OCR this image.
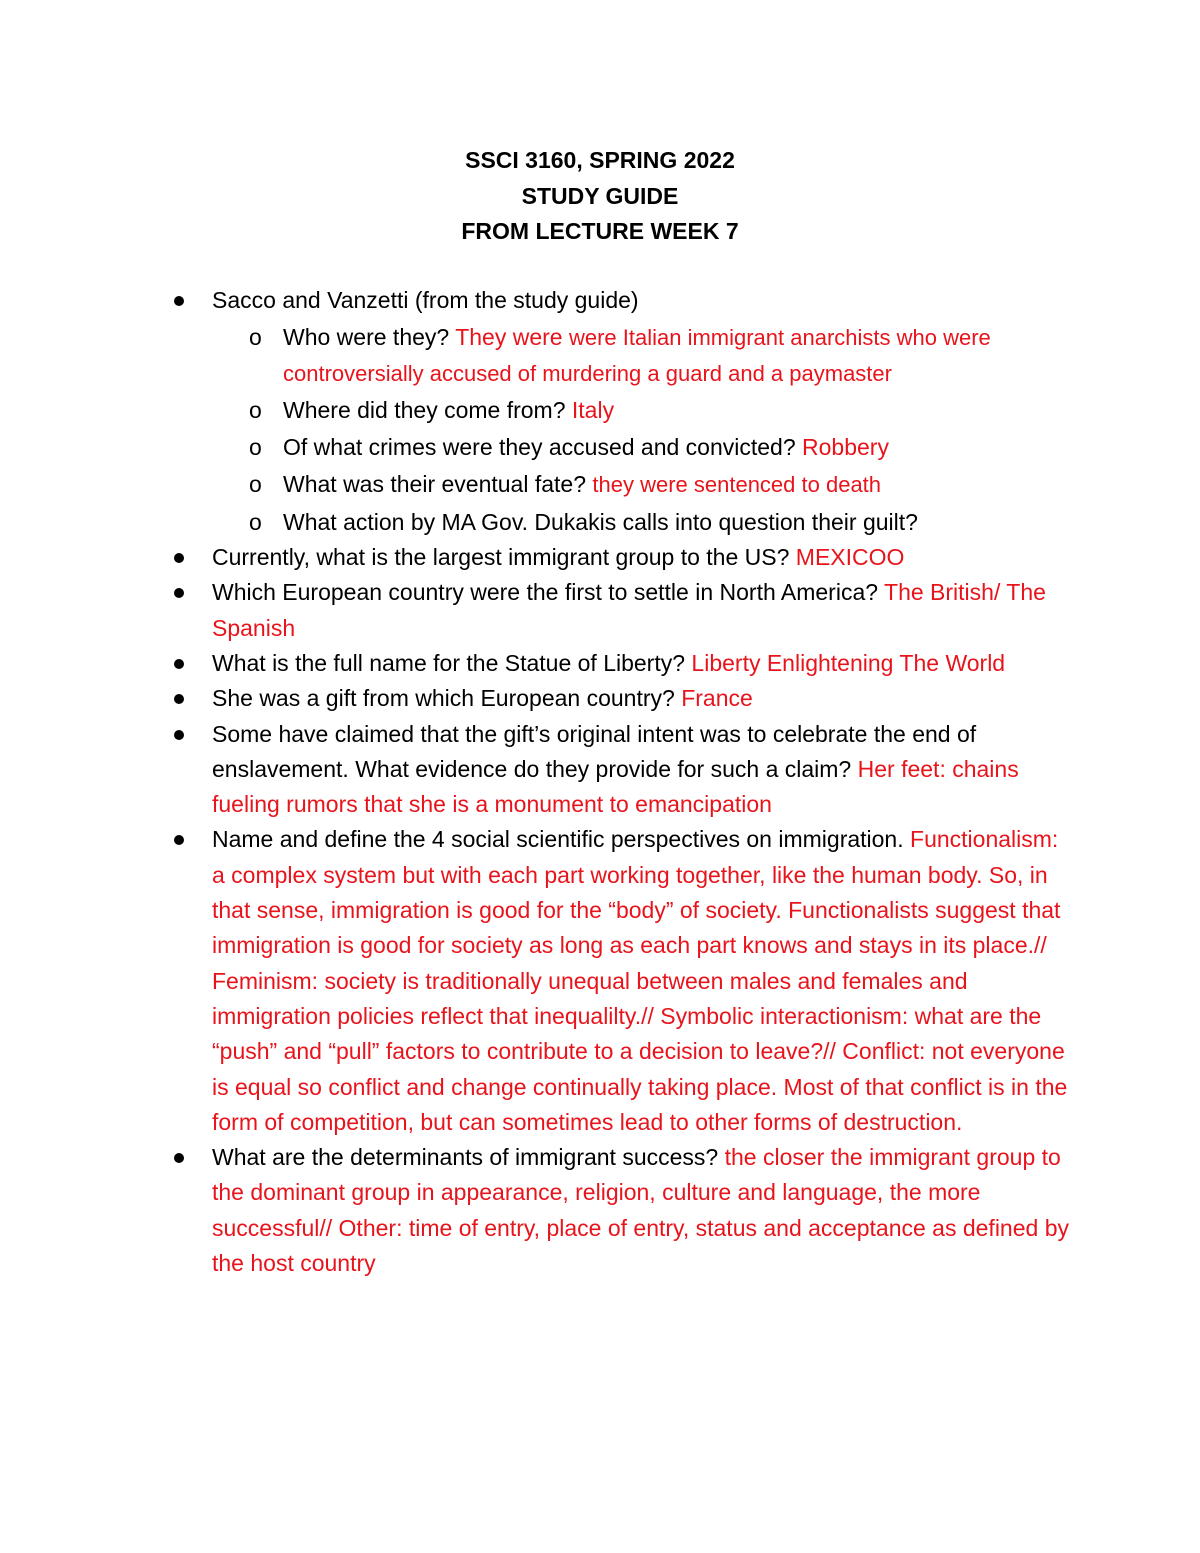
SSCI 3160, SPRING 2022
STUDY GUIDE
FROM LECTURE WEEK 7
Sacco and Vanzetti (from the study guide)
o Who were they? They were were Italian immigrant anarchists who were controversially accused of murdering a guard and a paymaster
o Where did they come from? Italy
o Of what crimes were they accused and convicted? Robbery
o What was their eventual fate? they were sentenced to death
o What action by MA Gov. Dukakis calls into question their guilt?
Currently, what is the largest immigrant group to the US? MEXICOO
Which European country were the first to settle in North America? The British/ The Spanish
What is the full name for the Statue of Liberty? Liberty Enlightening The World
She was a gift from which European country? France
Some have claimed that the gift’s original intent was to celebrate the end of enslavement. What evidence do they provide for such a claim? Her feet: chains fueling rumors that she is a monument to emancipation
Name and define the 4 social scientific perspectives on immigration. Functionalism: a complex system but with each part working together, like the human body. So, in that sense, immigration is good for the “body” of society. Functionalists suggest that immigration is good for society as long as each part knows and stays in its place.// Feminism: society is traditionally unequal between males and females and immigration policies reflect that inequalilty.// Symbolic interactionism: what are the “push” and “pull” factors to contribute to a decision to leave?// Conflict: not everyone is equal so conflict and change continually taking place. Most of that conflict is in the form of competition, but can sometimes lead to other forms of destruction.
What are the determinants of immigrant success? the closer the immigrant group to the dominant group in appearance, religion, culture and language, the more successful// Other: time of entry, place of entry, status and acceptance as defined by the host country
